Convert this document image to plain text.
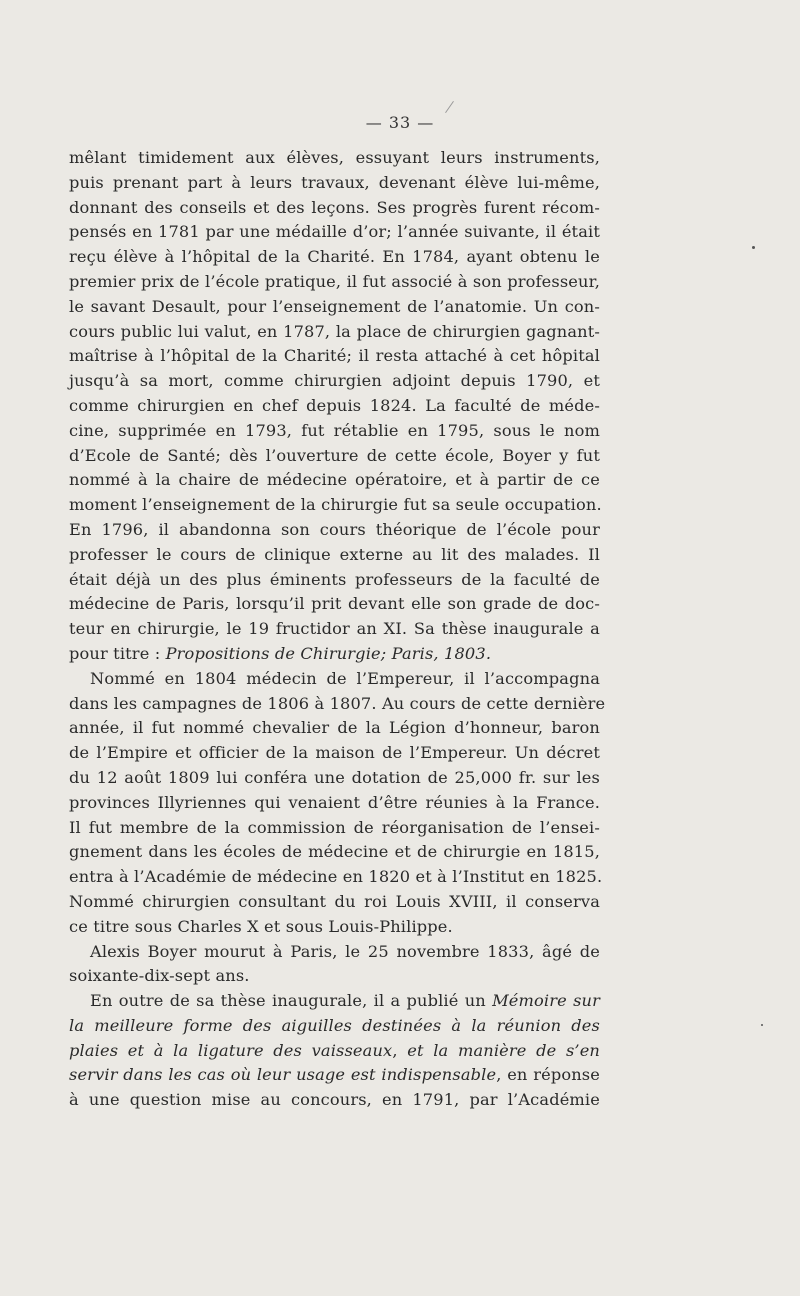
— 33 —
mêlant timidement aux élèves, essuyant leurs instruments,
puis prenant part à leurs travaux, devenant élève lui-même,
donnant des conseils et des leçons. Ses progrès furent récom-
pensés en 1781 par une médaille d’or; l’année suivante, il était
reçu élève à l’hôpital de la Charité. En 1784, ayant obtenu le
premier prix de l’école pratique, il fut associé à son professeur,
le savant Desault, pour l’enseignement de l’anatomie. Un con-
cours public lui valut, en 1787, la place de chirurgien gagnant-
maîtrise à l’hôpital de la Charité; il resta attaché à cet hôpital
jusqu’à sa mort, comme chirurgien adjoint depuis 1790, et
comme chirurgien en chef depuis 1824. La faculté de méde-
cine, supprimée en 1793, fut rétablie en 1795, sous le nom
d’Ecole de Santé; dès l’ouverture de cette école, Boyer y fut
nommé à la chaire de médecine opératoire, et à partir de ce
moment l’enseignement de la chirurgie fut sa seule occupation.
En 1796, il abandonna son cours théorique de l’école pour
professer le cours de clinique externe au lit des malades. Il
était déjà un des plus éminents professeurs de la faculté de
médecine de Paris, lorsqu’il prit devant elle son grade de doc-
teur en chirurgie, le 19 fructidor an XI. Sa thèse inaugurale a
pour titre : Propositions de Chirurgie; Paris, 1803.
Nommé en 1804 médecin de l’Empereur, il l’accompagna
dans les campagnes de 1806 à 1807. Au cours de cette dernière
année, il fut nommé chevalier de la Légion d’honneur, baron
de l’Empire et officier de la maison de l’Empereur. Un décret
du 12 août 1809 lui conféra une dotation de 25,000 fr. sur les
provinces Illyriennes qui venaient d’être réunies à la France.
Il fut membre de la commission de réorganisation de l’ensei-
gnement dans les écoles de médecine et de chirurgie en 1815,
entra à l’Académie de médecine en 1820 et à l’Institut en 1825.
Nommé chirurgien consultant du roi Louis XVIII, il conserva
ce titre sous Charles X et sous Louis-Philippe.
Alexis Boyer mourut à Paris, le 25 novembre 1833, âgé de
soixante-dix-sept ans.
En outre de sa thèse inaugurale, il a publié un Mémoire sur
la meilleure forme des aiguilles destinées à la réunion des
plaies et à la ligature des vaisseaux, et la manière de s’en
servir dans les cas où leur usage est indispensable, en réponse
à une question mise au concours, en 1791, par l’Académie
